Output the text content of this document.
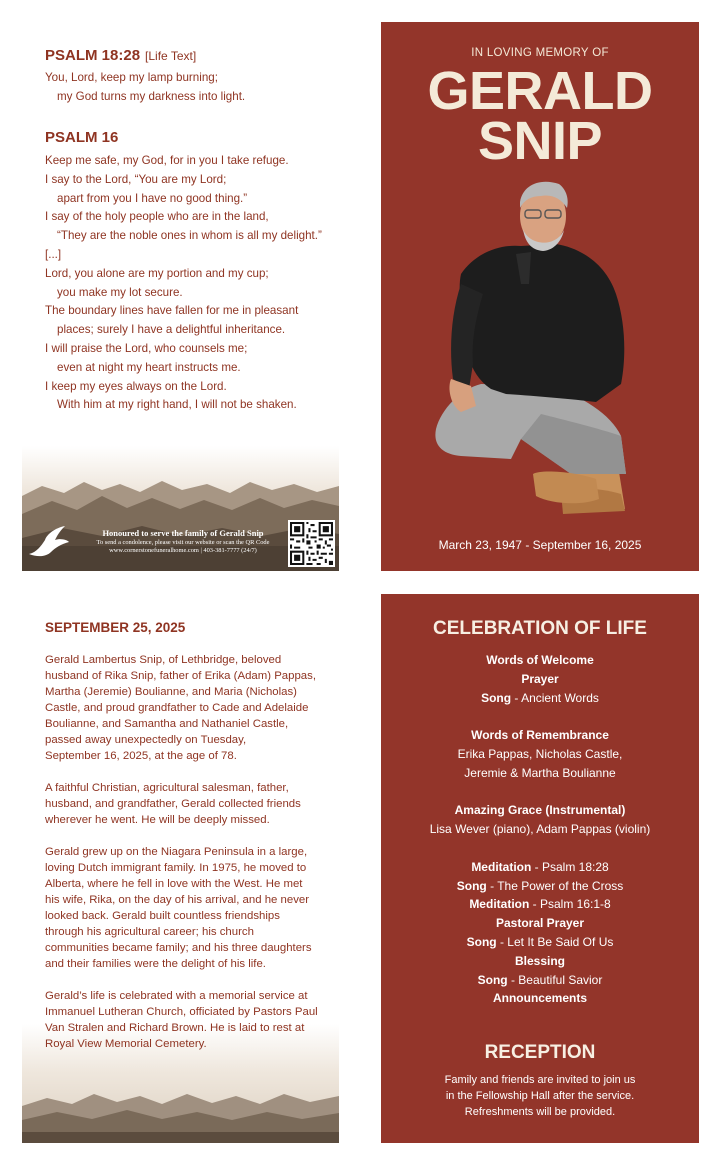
PSALM 18:28 [Life Text]
You, Lord, keep my lamp burning;
my God turns my darkness into light.
PSALM 16
Keep me safe, my God, for in you I take refuge.
I say to the Lord, “You are my Lord;
apart from you I have no good thing.”
I say of the holy people who are in the land,
“They are the noble ones in whom is all my delight.”
[...]
Lord, you alone are my portion and my cup;
you make my lot secure.
The boundary lines have fallen for me in pleasant
places; surely I have a delightful inheritance.
I will praise the Lord, who counsels me;
even at night my heart instructs me.
I keep my eyes always on the Lord.
With him at my right hand, I will not be shaken.
Honoured to serve the family of Gerald Snip
To send a condolence, please visit our website or scan the QR Code
www.cornerstonefuneralhome.com | 403-381-7777 (24/7)
IN LOVING MEMORY OF
GERALD
SNIP
March 23, 1947 - September 16, 2025
SEPTEMBER 25, 2025

Gerald Lambertus Snip, of Lethbridge, beloved
husband of Rika Snip, father of Erika (Adam) Pappas,
Martha (Jeremie) Boulianne, and Maria (Nicholas)
Castle, and proud grandfather to Cade and Adelaide
Boulianne, and Samantha and Nathaniel Castle,
passed away unexpectedly on Tuesday,
September 16, 2025, at the age of 78.

A faithful Christian, agricultural salesman, father,
husband, and grandfather, Gerald collected friends
wherever he went. He will be deeply missed.

Gerald grew up on the Niagara Peninsula in a large,
loving Dutch immigrant family. In 1975, he moved to
Alberta, where he fell in love with the West. He met
his wife, Rika, on the day of his arrival, and he never
looked back. Gerald built countless friendships
through his agricultural career; his church
communities became family; and his three daughters
and their families were the delight of his life.

Gerald’s life is celebrated with a memorial service at
Immanuel Lutheran Church, officiated by Pastors Paul
Van Stralen and Richard Brown. He is laid to rest at
Royal View Memorial Cemetery.

CELEBRATION OF LIFE
Words of Welcome
Prayer
Song - Ancient Words
Words of Remembrance
Erika Pappas, Nicholas Castle,
Jeremie & Martha Boulianne
Amazing Grace (Instrumental)
Lisa Wever (piano), Adam Pappas (violin)
Meditation - Psalm 18:28
Song - The Power of the Cross
Meditation - Psalm 16:1-8
Pastoral Prayer
Song - Let It Be Said Of Us
Blessing
Song - Beautiful Savior
Announcements
RECEPTION
Family and friends are invited to join us
in the Fellowship Hall after the service.
Refreshments will be provided.
